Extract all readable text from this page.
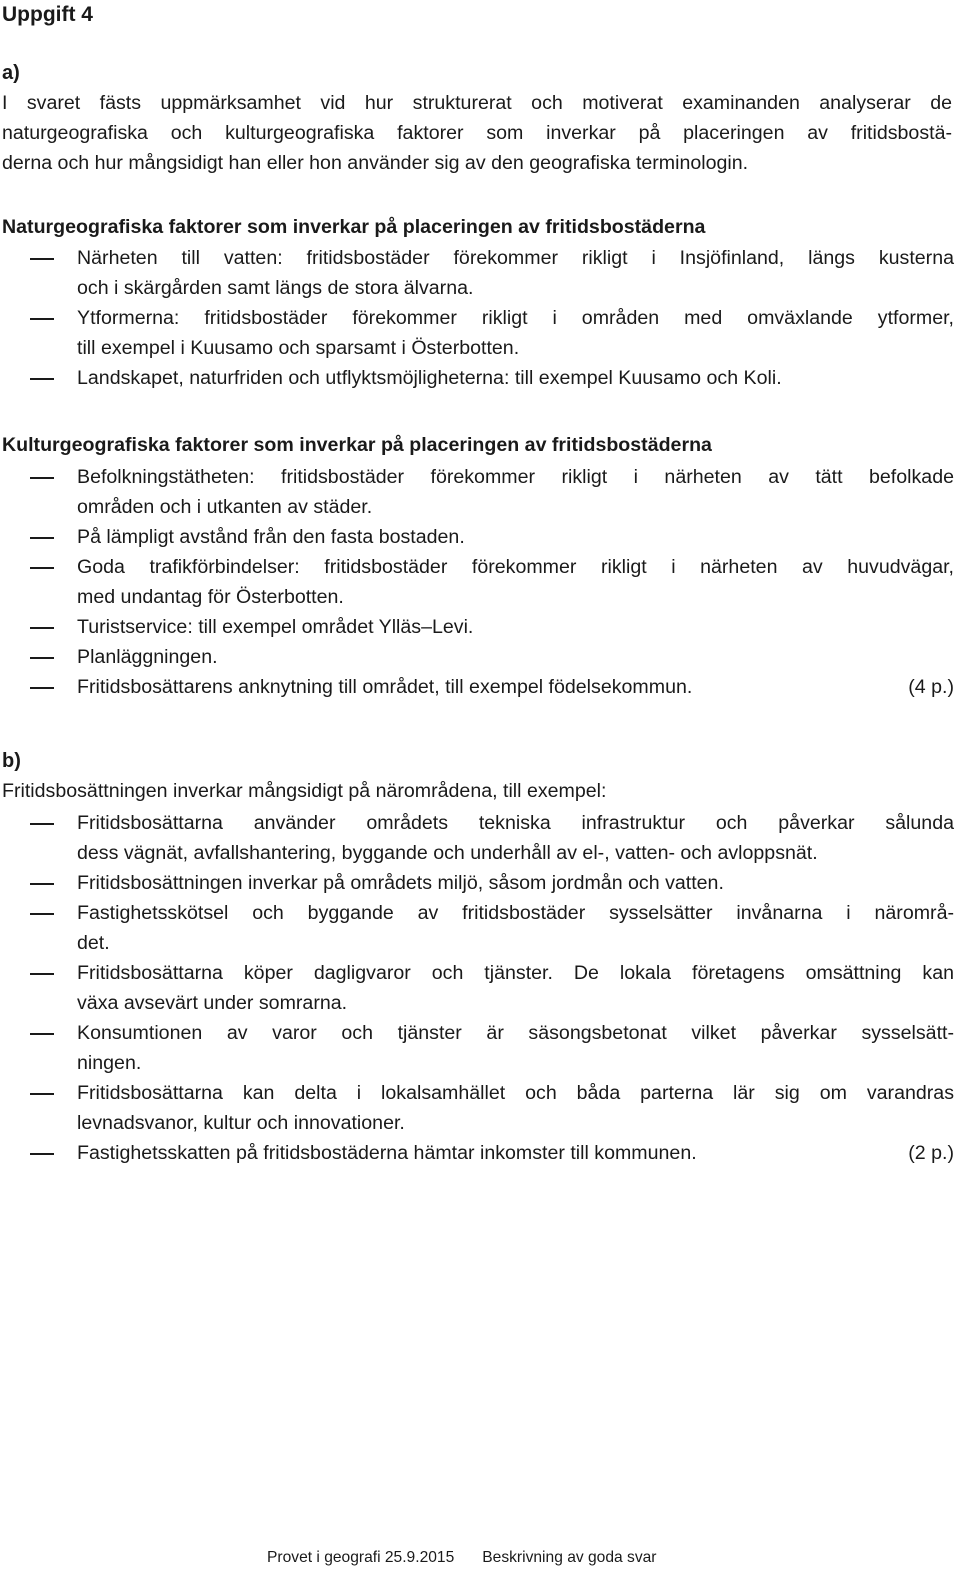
Uppgift 4
a)

I svaret fästs uppmärksamhet vid hur strukturerat och motiverat examinanden analyserar de
naturgeografiska och kulturgeografiska faktorer som inverkar på placeringen av fritidsbostä-
derna och hur mångsidigt han eller hon använder sig av den geografiska terminologin.

Naturgeografiska faktorer som inverkar på placeringen av fritidsbostäderna

Närheten till vatten: fritidsbostäder förekommer rikligt i Insjöfinland, längs kusterna
och i skärgården samt längs de stora älvarna.
Ytformerna: fritidsbostäder förekommer rikligt i områden med omväxlande ytformer,
till exempel i Kuusamo och sparsamt i Österbotten.
Landskapet, naturfriden och utflyktsmöjligheterna: till exempel Kuusamo och Koli.

Kulturgeografiska faktorer som inverkar på placeringen av fritidsbostäderna

Befolkningstätheten: fritidsbostäder förekommer rikligt i närheten av tätt befolkade
områden och i utkanten av städer.
På lämpligt avstånd från den fasta bostaden.
Goda trafikförbindelser: fritidsbostäder förekommer rikligt i närheten av huvudvägar,
med undantag för Österbotten.
Turistservice: till exempel området Ylläs–Levi.
Planläggningen.
Fritidsbosättarens anknytning till området, till exempel födelsekommun.	(4 p.)
b)

Fritidsbosättningen inverkar mångsidigt på närområdena, till exempel:

Fritidsbosättarna använder områdets tekniska infrastruktur och påverkar sålunda
dess vägnät, avfallshantering, byggande och underhåll av el-, vatten- och avloppsnät.
Fritidsbosättningen inverkar på områdets miljö, såsom jordmån och vatten.
Fastighetsskötsel och byggande av fritidsbostäder sysselsätter invånarna i närområ-
det.
Fritidsbosättarna köper dagligvaror och tjänster. De lokala företagens omsättning kan
växa avsevärt under somrarna.
Konsumtionen av varor och tjänster är säsongsbetonat vilket påverkar sysselsätt-
ningen.
Fritidsbosättarna kan delta i lokalsamhället och båda parterna lär sig om varandras
levnadsvanor, kultur och innovationer.
Fastighetsskatten på fritidsbostäderna hämtar inkomster till kommunen.	(2 p.)
Provet i geografi 25.9.2015 Beskrivning av goda svar
